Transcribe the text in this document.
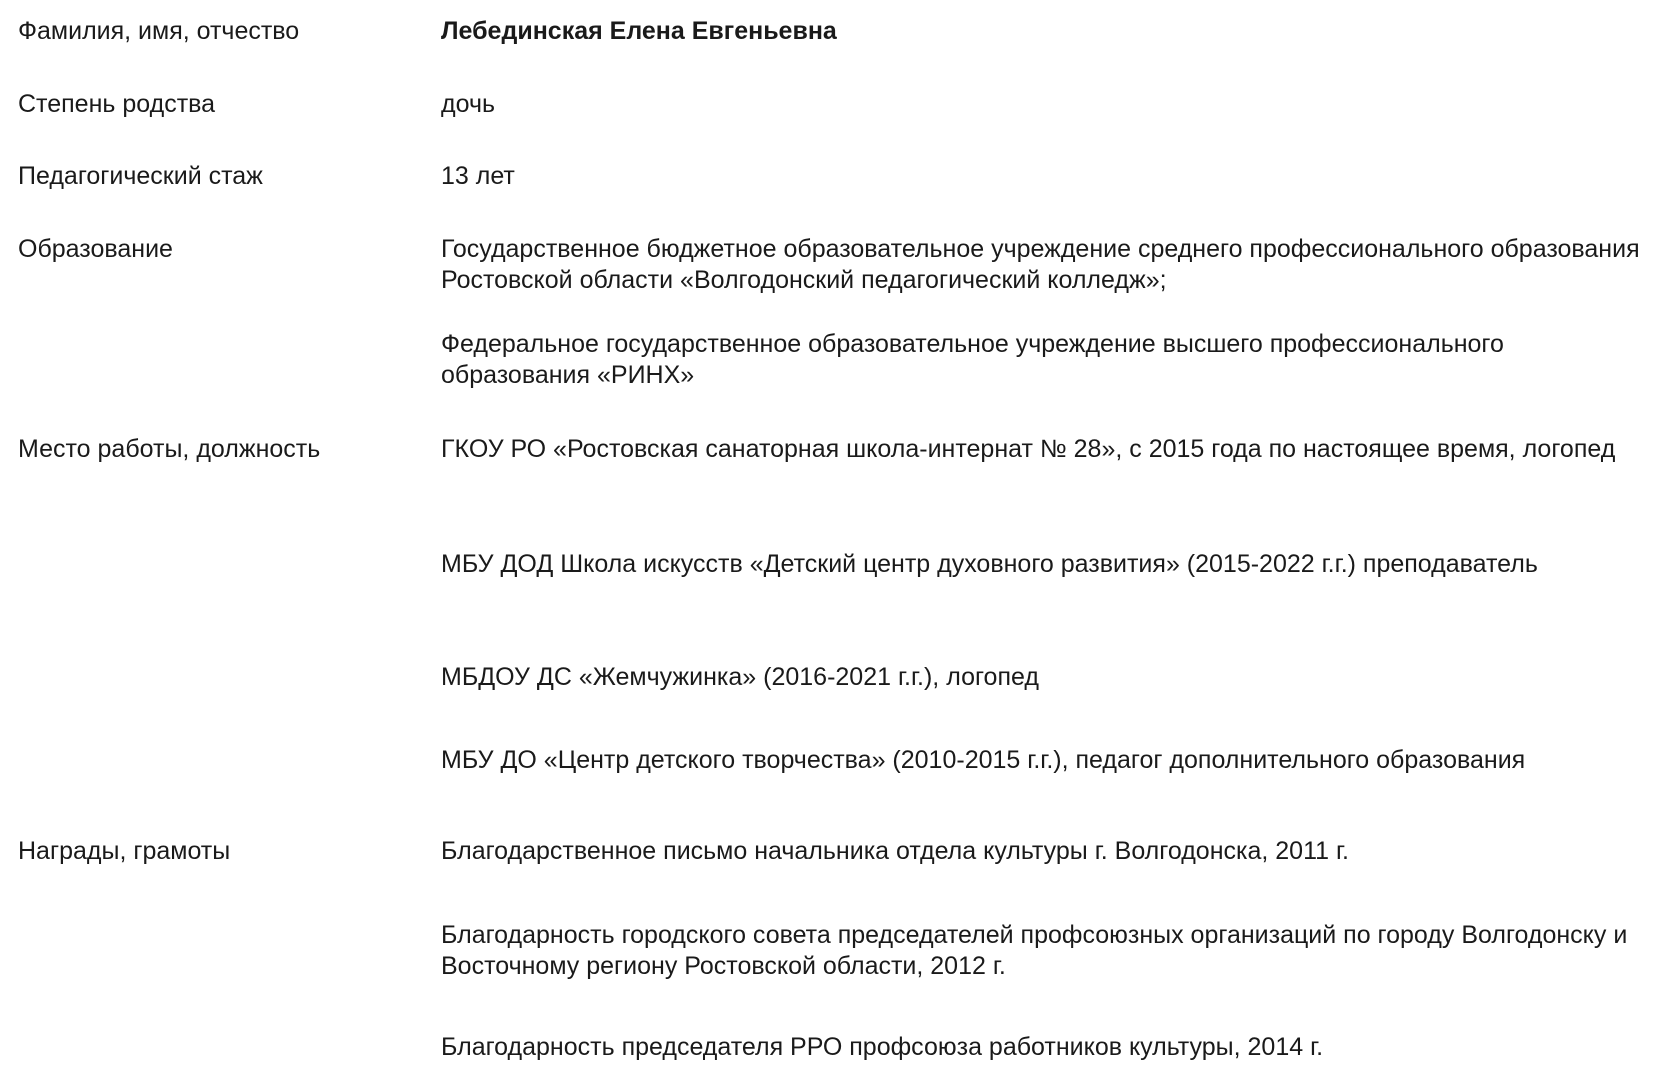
Фамилия, имя, отчество	Лебединская Елена Евгеньевна

Степень родства	дочь

Педагогический стаж	13 лет

Образование	Государственное бюджетное образовательное учреждение среднего профессионального образования Ростовской области «Волгодонский педагогический колледж»;

Федеральное государственное образовательное учреждение высшего профессионального образования «РИНХ»

Место работы, должность	ГКОУ РО «Ростовская санаторная школа-интернат № 28», с 2015 года по настоящее время, логопед

МБУ ДОД Школа искусств «Детский центр духовного развития» (2015-2022 г.г.) преподаватель

МБДОУ ДС «Жемчужинка» (2016-2021 г.г.), логопед

МБУ ДО «Центр детского творчества» (2010-2015 г.г.), педагог дополнительного образования

Награды, грамоты	Благодарственное письмо начальника отдела культуры г. Волгодонска, 2011 г.

Благодарность городского совета председателей профсоюзных организаций по городу Волгодонску и Восточному региону Ростовской области, 2012 г.

Благодарность председателя РРО профсоюза работников культуры, 2014 г.
